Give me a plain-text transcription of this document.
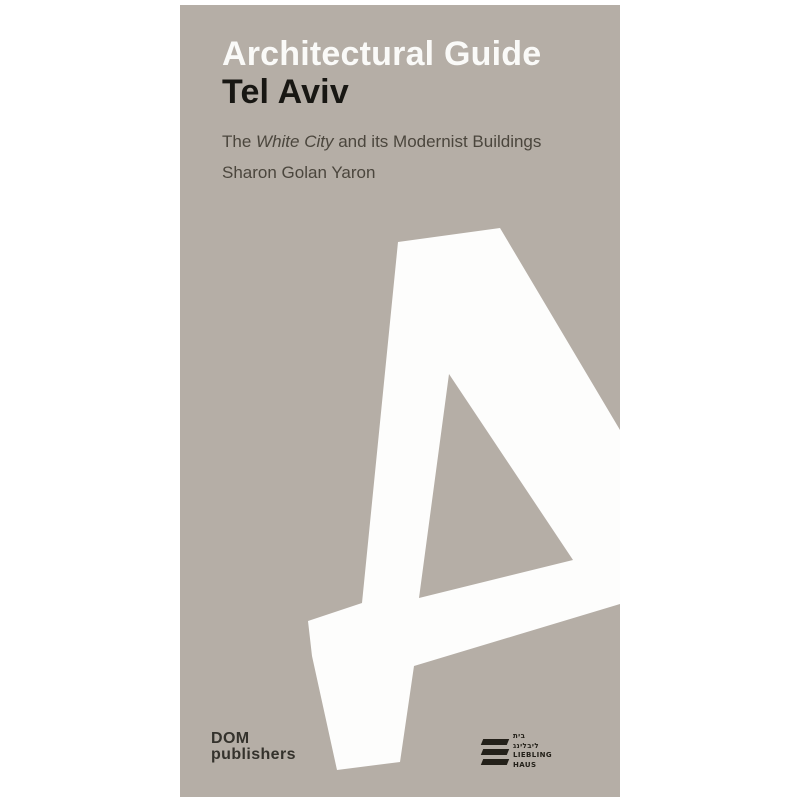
Architectural Guide
Tel Aviv
The White City and its Modernist Buildings
Sharon Golan Yaron
DOM
publishers
בית
ליבלינג
LIEBLING
HAUS
